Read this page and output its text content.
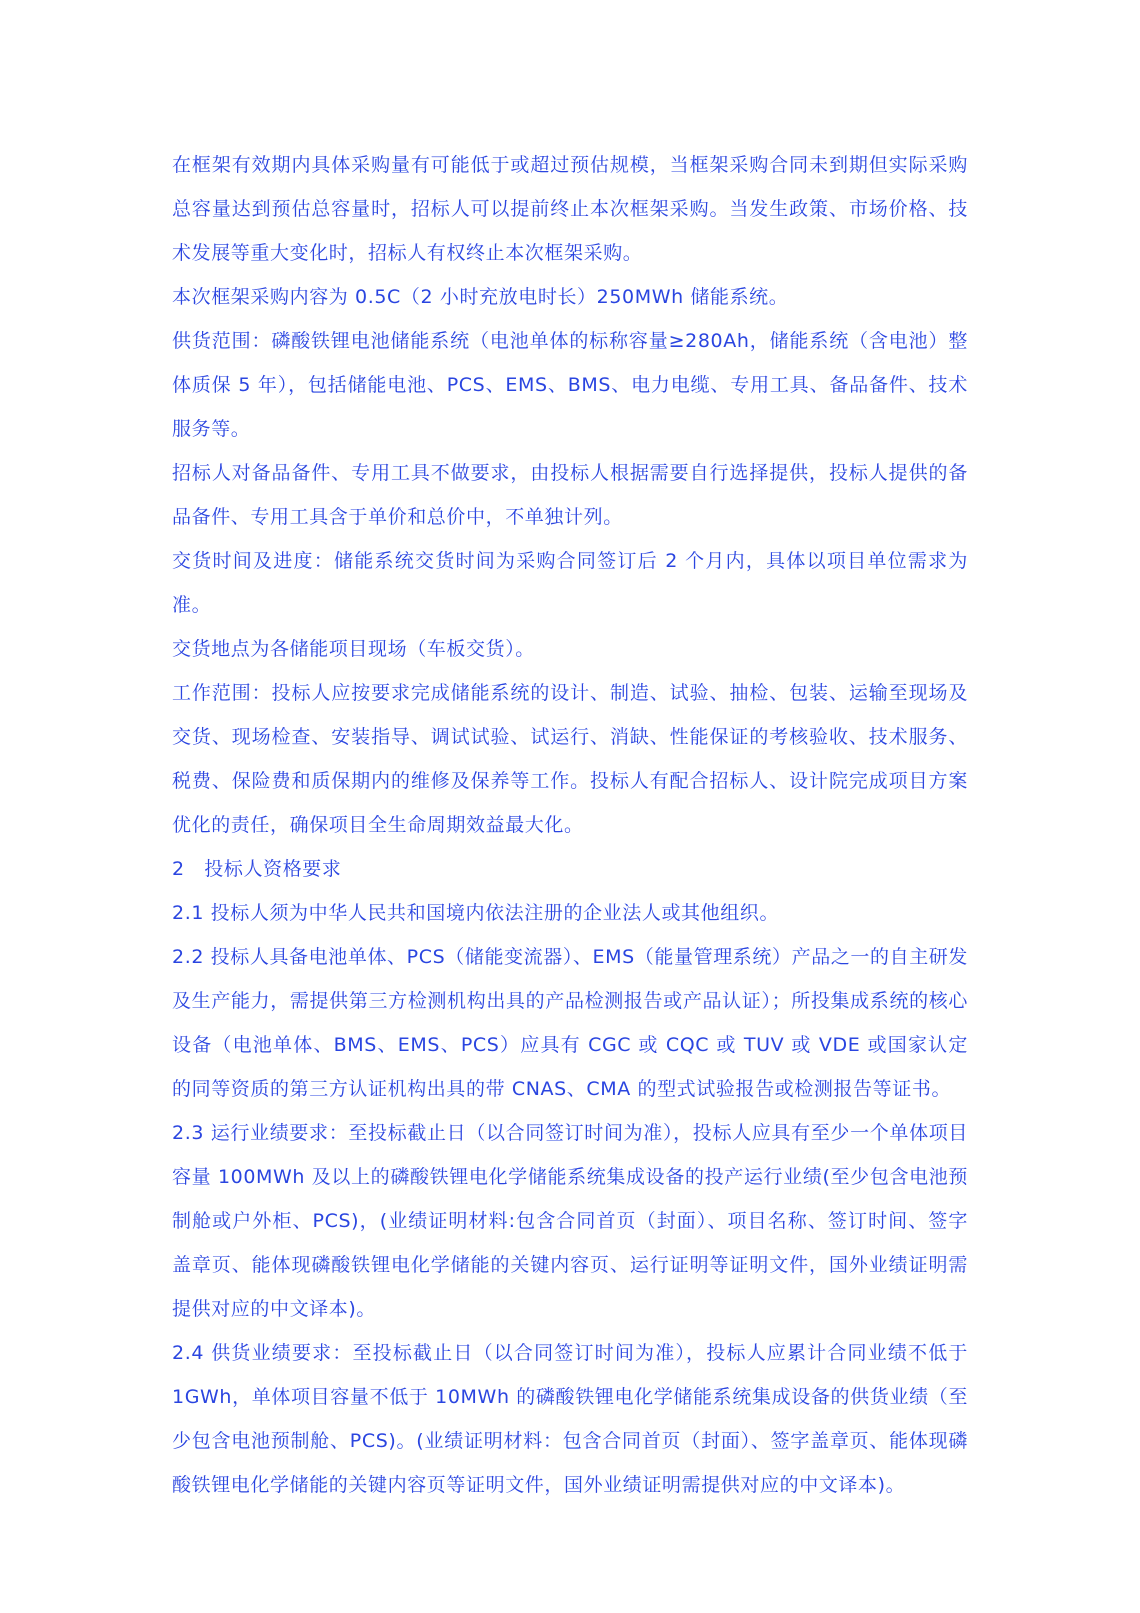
在框架有效期内具体采购量有可能低于或超过预估规模，当框架采购合同未到期但实际采购总容量达到预估总容量时，招标人可以提前终止本次框架采购。当发生政策、市场价格、技术发展等重大变化时，招标人有权终止本次框架采购。

本次框架采购内容为 0.5C（2 小时充放电时长）250MWh 储能系统。

供货范围：磷酸铁锂电池储能系统（电池单体的标称容量≥280Ah，储能系统（含电池）整体质保 5 年），包括储能电池、PCS、EMS、BMS、电力电缆、专用工具、备品备件、技术服务等。

招标人对备品备件、专用工具不做要求，由投标人根据需要自行选择提供，投标人提供的备品备件、专用工具含于单价和总价中，不单独计列。

交货时间及进度：储能系统交货时间为采购合同签订后 2 个月内，具体以项目单位需求为准。

交货地点为各储能项目现场（车板交货）。

工作范围：投标人应按要求完成储能系统的设计、制造、试验、抽检、包装、运输至现场及交货、现场检查、安装指导、调试试验、试运行、消缺、性能保证的考核验收、技术服务、税费、保险费和质保期内的维修及保养等工作。投标人有配合招标人、设计院完成项目方案优化的责任，确保项目全生命周期效益最大化。

2　投标人资格要求

2.1 投标人须为中华人民共和国境内依法注册的企业法人或其他组织。

2.2 投标人具备电池单体、PCS（储能变流器）、EMS（能量管理系统）产品之一的自主研发及生产能力，需提供第三方检测机构出具的产品检测报告或产品认证）；所投集成系统的核心设备（电池单体、BMS、EMS、PCS）应具有 CGC 或 CQC 或 TUV 或 VDE 或国家认定的同等资质的第三方认证机构出具的带 CNAS、CMA 的型式试验报告或检测报告等证书。

2.3 运行业绩要求：至投标截止日（以合同签订时间为准），投标人应具有至少一个单体项目容量 100MWh 及以上的磷酸铁锂电化学储能系统集成设备的投产运行业绩(至少包含电池预制舱或户外柜、PCS)，(业绩证明材料:包含合同首页（封面）、项目名称、签订时间、签字盖章页、能体现磷酸铁锂电化学储能的关键内容页、运行证明等证明文件，国外业绩证明需提供对应的中文译本)。

2.4 供货业绩要求：至投标截止日（以合同签订时间为准），投标人应累计合同业绩不低于 1GWh，单体项目容量不低于 10MWh 的磷酸铁锂电化学储能系统集成设备的供货业绩（至少包含电池预制舱、PCS)。(业绩证明材料：包含合同首页（封面）、签字盖章页、能体现磷酸铁锂电化学储能的关键内容页等证明文件，国外业绩证明需提供对应的中文译本)。
